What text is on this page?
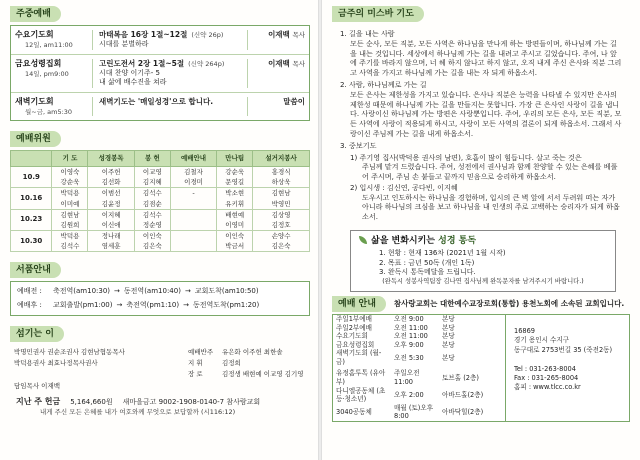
주중예배
수요기도회
12일, am11:00
마태복음 16장 1절~12절 (신약 26p)
시대를 분별하라
이재백 목사
금요성령집회
14일, pm9:00
고린도전서 2장 1절~5절 (신약 264p)
시대 찬양 이기주- 5
내 삶에 배수진을 쳐라
이재백 목사
새벽기도회
월~금, am5:30
새벽기도는 '매일성경'으로 합니다.	말씀이
예배위원
	기 도	성경봉독	봉 헌	예배안내	만나팀	설거지봉사
10.9	이영숙	이주헌	이교영	김철자	강순욱	홍경식
	강순욱	김선화	김지혜	이경미	문영길	하상욱
10.16	박덕용	이범선	김석수	-	박소현	김현남
	이미예	김윤정	김점순		유키휘	박영민
10.23	김현남	이지혜	김석수		배현예	김상영
	김원희	이신애	정순영		이영미	김정호
10.30	박덕용	정나래	이인숙		이인숙	손양수
	김석수	염세훈	김은숙		박금서	김은숙
서품안내
예배전 :	축전역(am10:30) → 동전역(am10:40) → 교회도착(am10:50)
예배후 :	교회출발(pm1:00) → 축전역(pm1:10) → 동전역도착(pm1:20)
섬기는 이
박명민권사 권순조권사 김현남협동목사
박덕용권사 최효나정목사권사
예배반주 유은화 이주헌 최한솔
지 휘	김정희
장 로	김정생 배현예 이교영 김기영
담임목사 이재백
지난 주 헌금 5,164,660원 새마을금고 9002-1908-0140-7 참사람교회
내게 주신 모든 은혜를 내가 여호와께 무엇으로 보답할까 (시116:12)
금주의 미스바 기도
1. 길을 내는 사람
모든 순사, 모든 직분, 모든 사역은 하나님을 만나게 하는 방편들이며, 하나님께 가는 길을 내는 것입니다. 세상에서 하나님께 가는 길을 내려고 주시고 길었습니다. 주여, 나 앞에 주기를 바라지 않으며, 너 헤 하지 않나고 하지 않고, 오직 내게 주신 은사와 직분 그리고 사역을 가지고 하나님께 가는 길을 내는 자 되게 하옵소서.
2. 사람, 하나님께로 가는 길
모든 은사는 제한성을 가지고 있습니다. 은사나 직분은 능력을 나타낼 수 있지만 은사의 제한성 때문에 하나님께 가는 길을 만들지는 못합니다. 가장 큰 은사인 사랑이 길을 냅니다. 사랑이신 하나님께 가는 방편은 사랑뿐입니다. 주여, 우리의 모든 은사, 모든 직분, 모든 사역에 사랑이 적용되게 하시고, 사랑이 모든 사역의 결론이 되게 하옵소서. 그래서 사랑이신 주님께 가는 길을 내게 하옵소서.
3. 중보기도
1) 주기영 집사(박덕용 권사의 남편), 호흡이 많이 힘듭니다. 살고 죽는 것은
주님께 맡겨 드렸습니다. 주여, 성전에서 권사님과 함께 찬양할 수 있는 은혜를 베풀어 주시며, 주님 손 붙들고 끝까지 믿음으로 승리하게 하옵소서.
2) 입시생 : 김신연, 공다빈, 이지혜
도우시고 인도하시는 하나님을 경험하며, 입시의 큰 벽 앞에 서서 두려워 떠는 자가 아니라 하나님의 크심을 보고 하나님을 내 인생의 주로 고백하는 승리자가 되게 하옵소서.
삶을 변화시키는 성경 통독
1. 현황 : 현재 136차 (2021년 1월 시작)
2. 목표 : 금년 50독 (개인 1독)
3. 완독시 통독메달을 드립니다.
(완독시 성봉사역팀장 김나연 집사님께 완독문자를 남겨주시기 바랍니다.)
예배 안내	참사랑교회는 대한예수교장로회(통합) 용천노회에 소속된 교회입니다.
주일1부예배	오전 9:00	본당
주일2부예배	오전 11:00	본당
수요기도회	오전 11:00	본당
금요성령집회	오후 9:00	본당
새벽기도회 (월-금)	오전 5:30	본당
유정홈투톡 (유아부)	주일오전 11:00	토브홀 (2층)
다니엘공동체 (초등·청소년)	오후 2:00	아바드홀(2층)
3040공동체	매월 (토)오후 8:00	아바닥힐(2층)
16869
경기 용인시 수지구
동구대로 2753번길 35 (죽전2동)
Tel : 031-263-8004
Fax : 031-265-8004
홈피 : www.tlcc.co.kr
